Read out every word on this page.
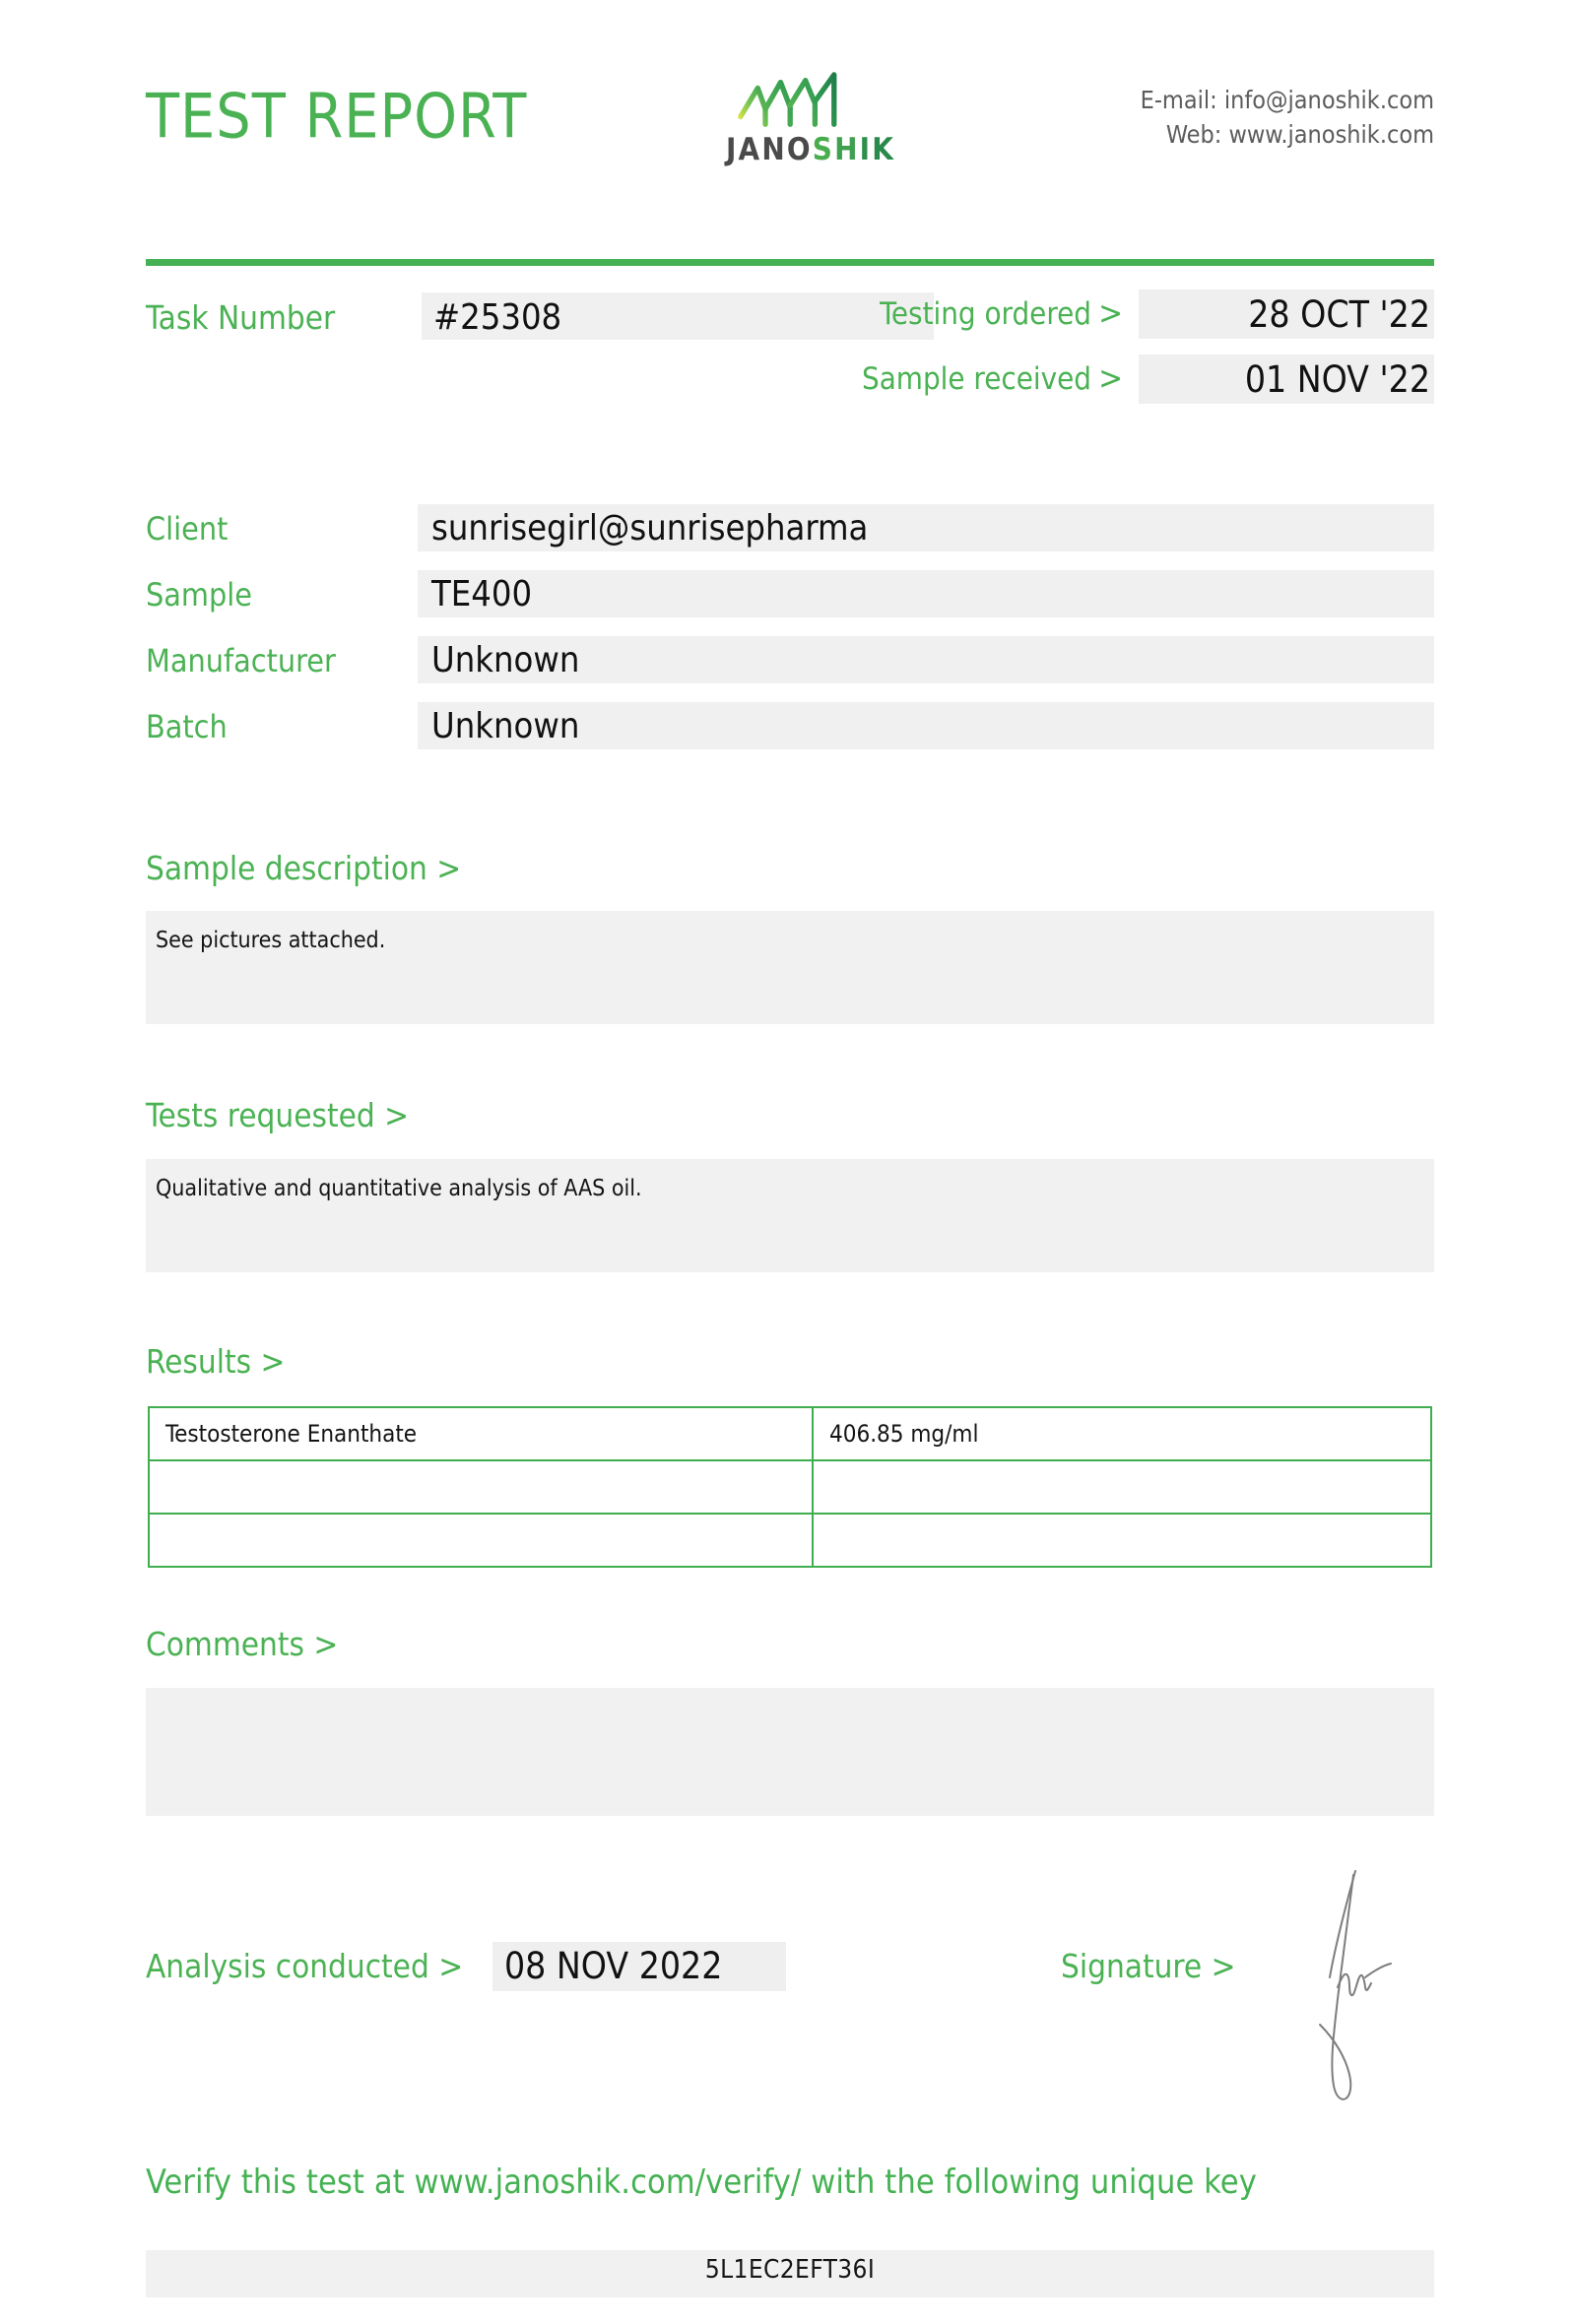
TEST REPORT	JANOSHIK
E-mail: info@janoshik.com
Web: www.janoshik.com
Task Number	#25308	Testing ordered >	28 OCT '22
Sample received >	01 NOV '22
Client	sunrisegirl@sunrisepharma
Sample	TE400
Manufacturer	Unknown
Batch	Unknown
Sample description >
See pictures attached.
Tests requested >
Qualitative and quantitative analysis of AAS oil.
Results >
Testosterone Enanthate	406.85 mg/ml

Comments >
Analysis conducted > 08 NOV 2022	Signature >
Verify this test at www.janoshik.com/verify/ with the following unique key
5L1EC2EFT36I
